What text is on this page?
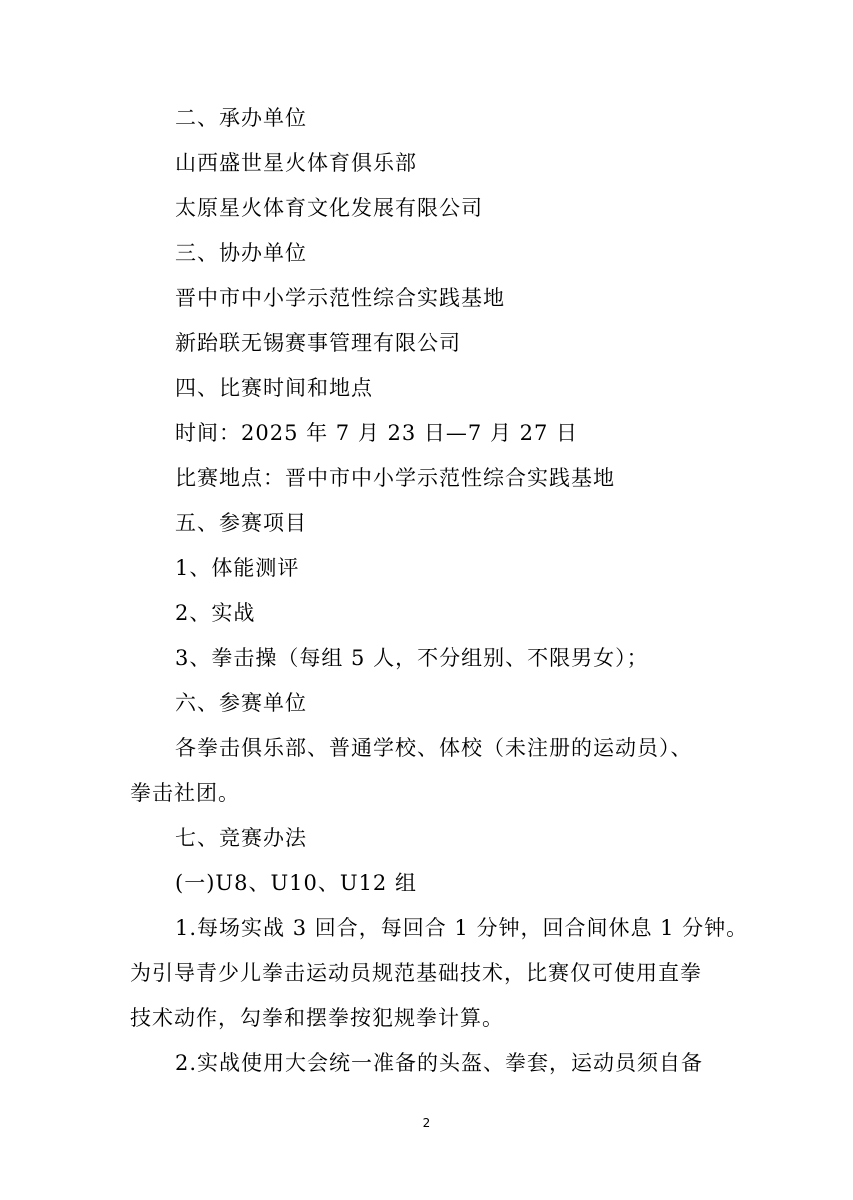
二、承办单位
山西盛世星火体育俱乐部
太原星火体育文化发展有限公司
三、协办单位
晋中市中小学示范性综合实践基地
新跆联无锡赛事管理有限公司
四、比赛时间和地点
时间：2025 年 7 月 23 日—7 月 27 日
比赛地点：晋中市中小学示范性综合实践基地
五、参赛项目
1、体能测评
2、实战
3、拳击操（每组 5 人，不分组别、不限男女）；
六、参赛单位
各拳击俱乐部、普通学校、体校（未注册的运动员）、
拳击社团。
七、竞赛办法
(一)U8、U10、U12 组
1.每场实战 3 回合，每回合 1 分钟，回合间休息 1 分钟。
为引导青少儿拳击运动员规范基础技术，比赛仅可使用直拳
技术动作，勾拳和摆拳按犯规拳计算。
2.实战使用大会统一准备的头盔、拳套，运动员须自备
2
